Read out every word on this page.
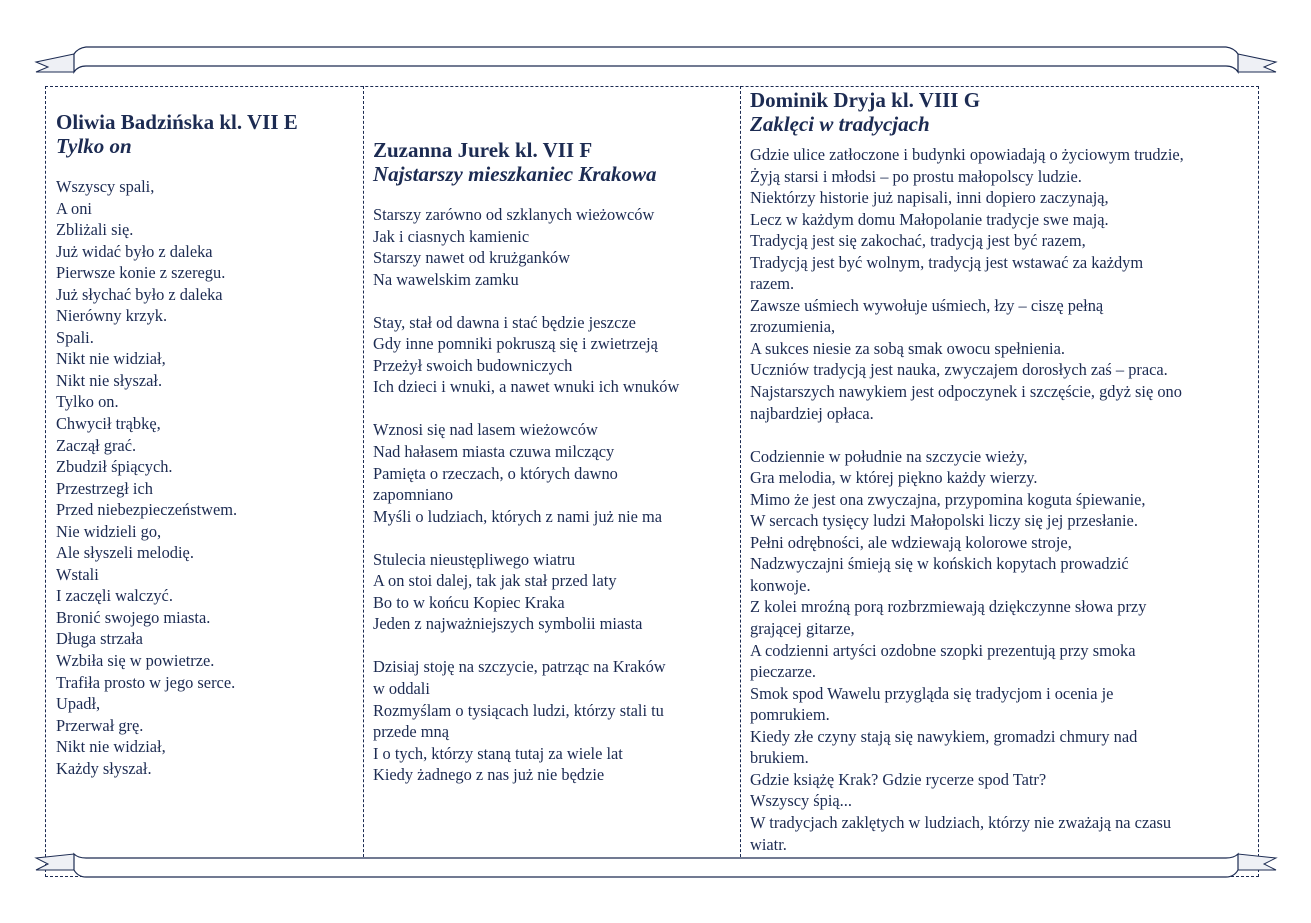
Oliwia Badzińska kl. VII E
Tylko on
Wszyscy spali,
A oni
Zbliżali się.
Już widać było z daleka
Pierwsze konie z szeregu.
Już słychać było z daleka
Nierówny krzyk.
Spali.
Nikt nie widział,
Nikt nie słyszał.
Tylko on.
Chwycił trąbkę,
Zaczął grać.
Zbudził śpiących.
Przestrzegł ich
Przed niebezpieczeństwem.
Nie widzieli go,
Ale słyszeli melodię.
Wstali
I zaczęli walczyć.
Bronić swojego miasta.
Długa strzała
Wzbiła się w powietrze.
Trafiła prosto w jego serce.
Upadł,
Przerwał grę.
Nikt nie widział,
Każdy słyszał.
Zuzanna Jurek kl. VII F
Najstarszy mieszkaniec Krakowa
Starszy zarówno od szklanych wieżowców
Jak i ciasnych kamienic
Starszy nawet od krużganków
Na wawelskim zamku
Stay, stał od dawna i stać będzie jeszcze
Gdy inne pomniki pokruszą się i zwietrzeją
Przeżył swoich budowniczych
Ich dzieci i wnuki, a nawet wnuki ich wnuków
Wznosi się nad lasem wieżowców
Nad hałasem miasta czuwa milczący
Pamięta o rzeczach, o których dawno
zapomniano
Myśli o ludziach, których z nami już nie ma
Stulecia nieustępliwego wiatru
A on stoi dalej, tak jak stał przed laty
Bo to w końcu Kopiec Kraka
Jeden z najważniejszych symbolii miasta
Dzisiaj stoję na szczycie, patrząc na Kraków
w oddali
Rozmyślam o tysiącach ludzi, którzy stali tu
przede mną
I o tych, którzy staną tutaj za wiele lat
Kiedy żadnego z nas już nie będzie
Dominik Dryja kl. VIII G
Zaklęci w tradycjach
Gdzie ulice zatłoczone i budynki opowiadają o życiowym trudzie,
Żyją starsi i młodsi – po prostu małopolscy ludzie.
Niektórzy historie już napisali, inni dopiero zaczynają,
Lecz w każdym domu Małopolanie tradycje swe mają.
Tradycją jest się zakochać, tradycją jest być razem,
Tradycją jest być wolnym, tradycją jest wstawać za każdym
razem.
Zawsze uśmiech wywołuje uśmiech, łzy – ciszę pełną
zrozumienia,
A sukces niesie za sobą smak owocu spełnienia.
Uczniów tradycją jest nauka, zwyczajem dorosłych zaś – praca.
Najstarszych nawykiem jest odpoczynek i szczęście, gdyż się ono
najbardziej opłaca.
Codziennie w południe na szczycie wieży,
Gra melodia, w której pięknо każdy wierzy.
Mimo że jest ona zwyczajna, przypomina koguta śpiewanie,
W sercach tysięcy ludzi Małopolski liczy się jej przesłanie.
Pełni odrębności, ale wdziewają kolorowe stroje,
Nadzwyczajni śmieją się w końskich kopytach prowadzić
konwoje.
Z kolei mroźną porą rozbrzmiewają dziękczynne słowa przy
grającej gitarze,
A codzienni artyści ozdobne szopki prezentują przy smoka
pieczarze.
Smok spod Wawelu przygląda się tradycjom i ocenia je
pomrukiem.
Kiedy złe czyny stają się nawykiem, gromadzi chmury nad
brukiem.
Gdzie książę Krak? Gdzie rycerze spod Tatr?
Wszyscy śpią...
W tradycjach zaklętych w ludziach, którzy nie zważają na czasu
wiatr.
